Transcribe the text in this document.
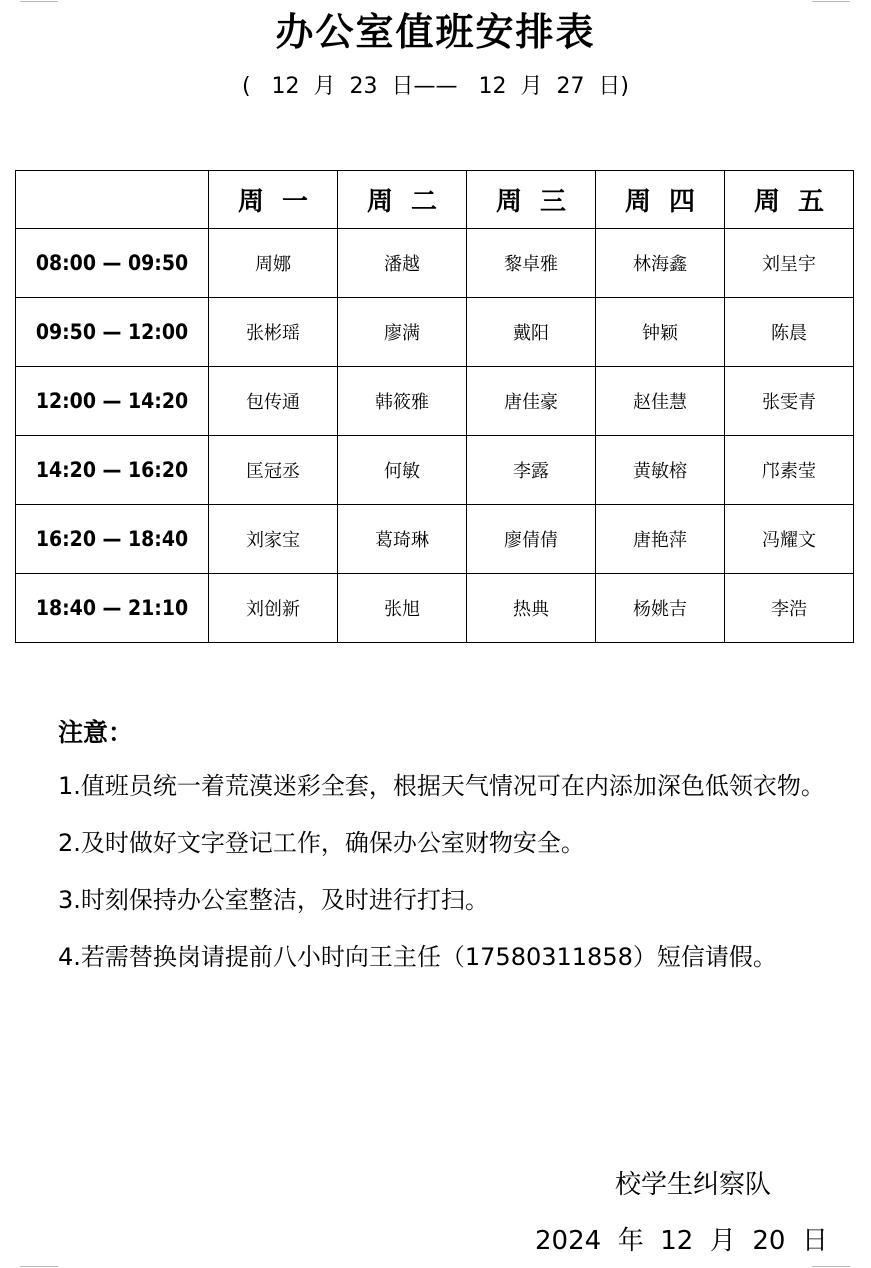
办公室值班安排表
(   12  月  23  日——   12  月  27  日)
	周  一	周  二	周  三	周  四	周  五
08:00 — 09:50	周娜	潘越	黎卓雅	林海鑫	刘呈宇
09:50 — 12:00	张彬瑶	廖满	戴阳	钟颖	陈晨
12:00 — 14:20	包传通	韩筱雅	唐佳豪	赵佳慧	张雯青
14:20 — 16:20	匡冠丞	何敏	李露	黄敏榕	邝素莹
16:20 — 18:40	刘家宝	葛琦琳	廖倩倩	唐艳萍	冯耀文
18:40 — 21:10	刘创新	张旭	热典	杨姚吉	李浩
注意：

1.值班员统一着荒漠迷彩全套，根据天气情况可在内添加深色低领衣物。

2.及时做好文字登记工作，确保办公室财物安全。

3.时刻保持办公室整洁，及时进行打扫。

4.若需替换岗请提前八小时向王主任（17580311858）短信请假。

校学生纠察队
2024  年  12  月  20  日
